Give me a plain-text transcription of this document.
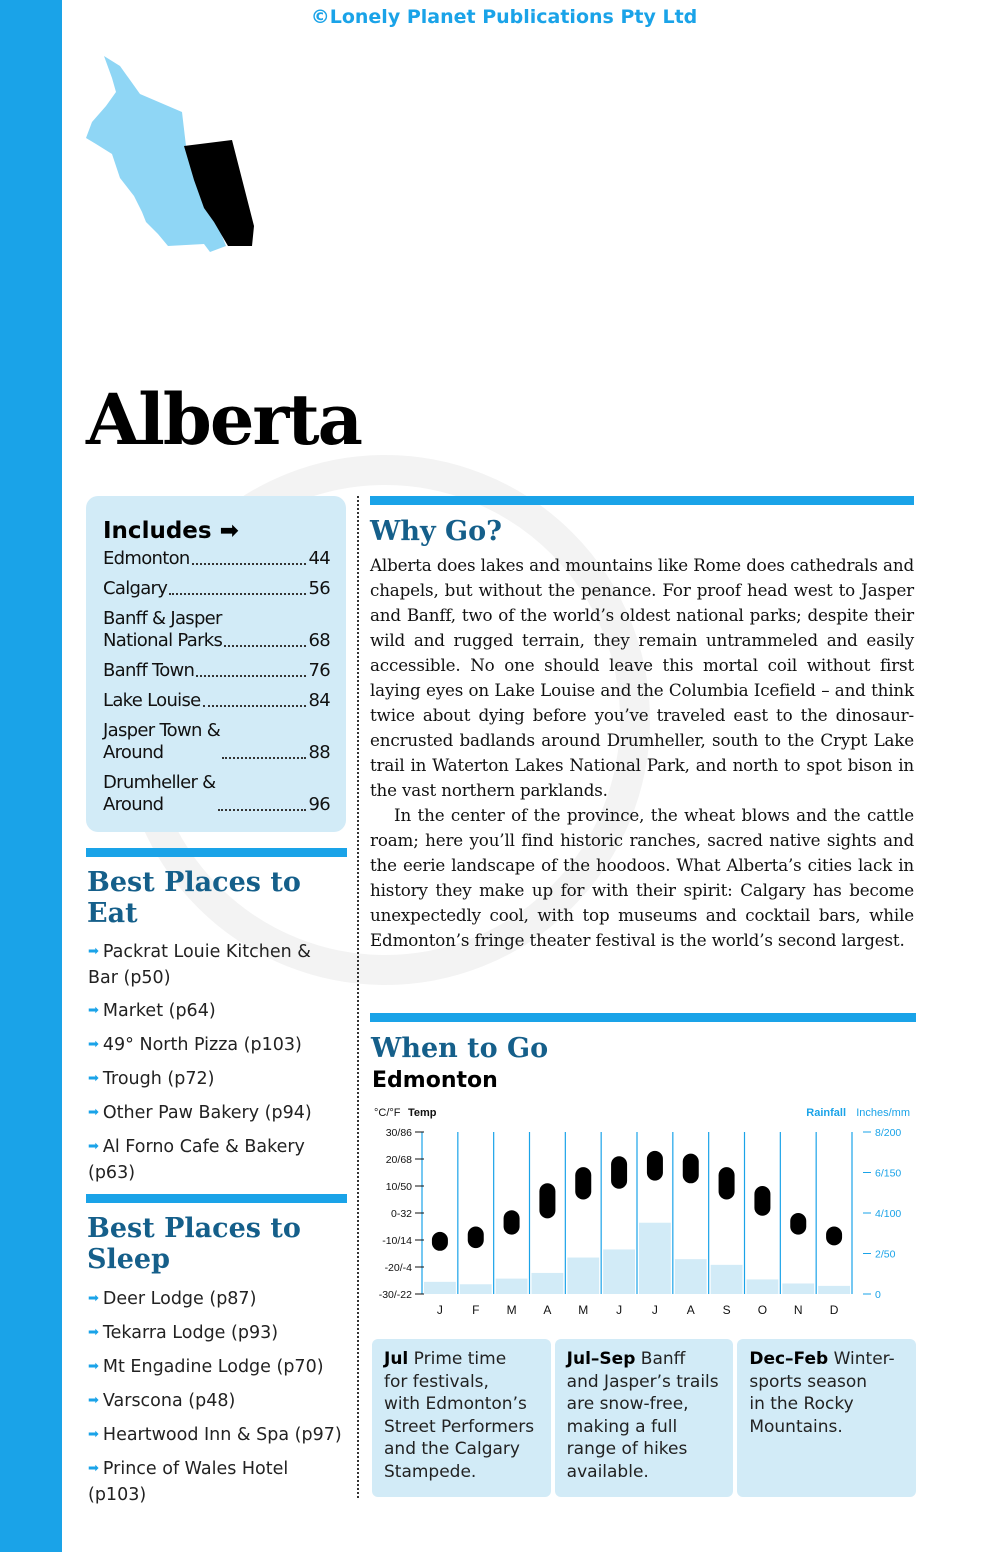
©Lonely Planet Publications Pty Ltd
Alberta
Includes ➡
Edmonton	44
Calgary	56
Banff & Jasper
National Parks	68
Banff Town	76
Lake Louise	84
Jasper Town &
Around	88
Drumheller &
Around	96
Best Places to Eat
➡ Packrat Louie Kitchen & Bar (p50)
➡ Market (p64)
➡ 49° North Pizza (p103)
➡ Trough (p72)
➡ Other Paw Bakery (p94)
➡ Al Forno Cafe & Bakery (p63)
Best Places to Sleep
➡ Deer Lodge (p87)
➡ Tekarra Lodge (p93)
➡ Mt Engadine Lodge (p70)
➡ Varscona (p48)
➡ Heartwood Inn & Spa (p97)
➡ Prince of Wales Hotel (p103)
Why Go?

Alberta does lakes and mountains like Rome does cathedrals and chapels, but without the penance. For proof head west to Jasper and Banff, two of the world’s oldest national parks; despite their wild and rugged terrain, they remain untrammeled and easily accessible. No one should leave this mortal coil without first laying eyes on Lake Louise and the Columbia Icefield – and think twice about dying before you’ve traveled east to the dinosaur-encrusted badlands around Drumheller, south to the Crypt Lake trail in Waterton Lakes National Park, and north to spot bison in the vast northern parklands.

In the center of the province, the wheat blows and the cattle roam; here you’ll find historic ranches, sacred native sights and the eerie landscape of the hoodoos. What Alberta’s cities lack in history they make up for with their spirit: Calgary has become unexpectedly cool, with top museums and cocktail bars, while Edmonton’s fringe theater festival is the world’s second largest.

When to Go
Edmonton
°C/°F Temp	Rainfall Inches/mm
30/86
20/68
10/50
0-32
-10/14
-20/-4
-30/-22
8/200
6/150
4/100
2/50
0
J F M A M J J A S O N D
Jul Prime time
for festivals,
with Edmonton’s
Street Performers
and the Calgary
Stampede.
Jul–Sep Banff
and Jasper’s trails
are snow-free,
making a full
range of hikes
available.
Dec–Feb Winter-
sports season
in the Rocky
Mountains.
